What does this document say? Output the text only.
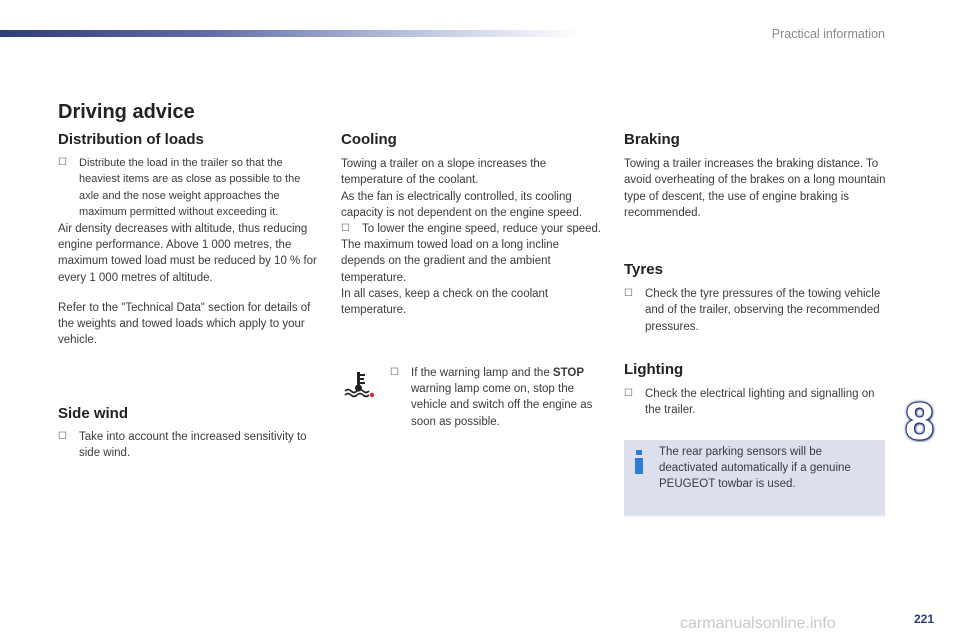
Practical information
8
Driving advice
Distribution of loads
☐ Distribute the load in the trailer so that the heaviest items are as close as possible to the axle and the nose weight approaches the maximum permitted without exceeding it.

Air density decreases with altitude, thus reducing engine performance. Above 1 000 metres, the maximum towed load must be reduced by 10 % for every 1 000 metres of altitude.

Refer to the "Technical Data" section for details of the weights and towed loads which apply to your vehicle.

Side wind
☐ Take into account the increased sensitivity to side wind.
Cooling

Towing a trailer on a slope increases the temperature of the coolant.

As the fan is electrically controlled, its cooling capacity is not dependent on the engine speed.

☐ To lower the engine speed, reduce your speed.

The maximum towed load on a long incline depends on the gradient and the ambient temperature.

In all cases, keep a check on the coolant temperature.

☐ If the warning lamp and the STOP warning lamp come on, stop the vehicle and switch off the engine as soon as possible.
Braking

Towing a trailer increases the braking distance. To avoid overheating of the brakes on a long mountain type of descent, the use of engine braking is recommended.

Tyres
☐ Check the tyre pressures of the towing vehicle and of the trailer, observing the recommended pressures.
Lighting
☐ Check the electrical lighting and signalling on the trailer.
The rear parking sensors will be deactivated automatically if a genuine PEUGEOT towbar is used.
221
carmanualsonline.info
